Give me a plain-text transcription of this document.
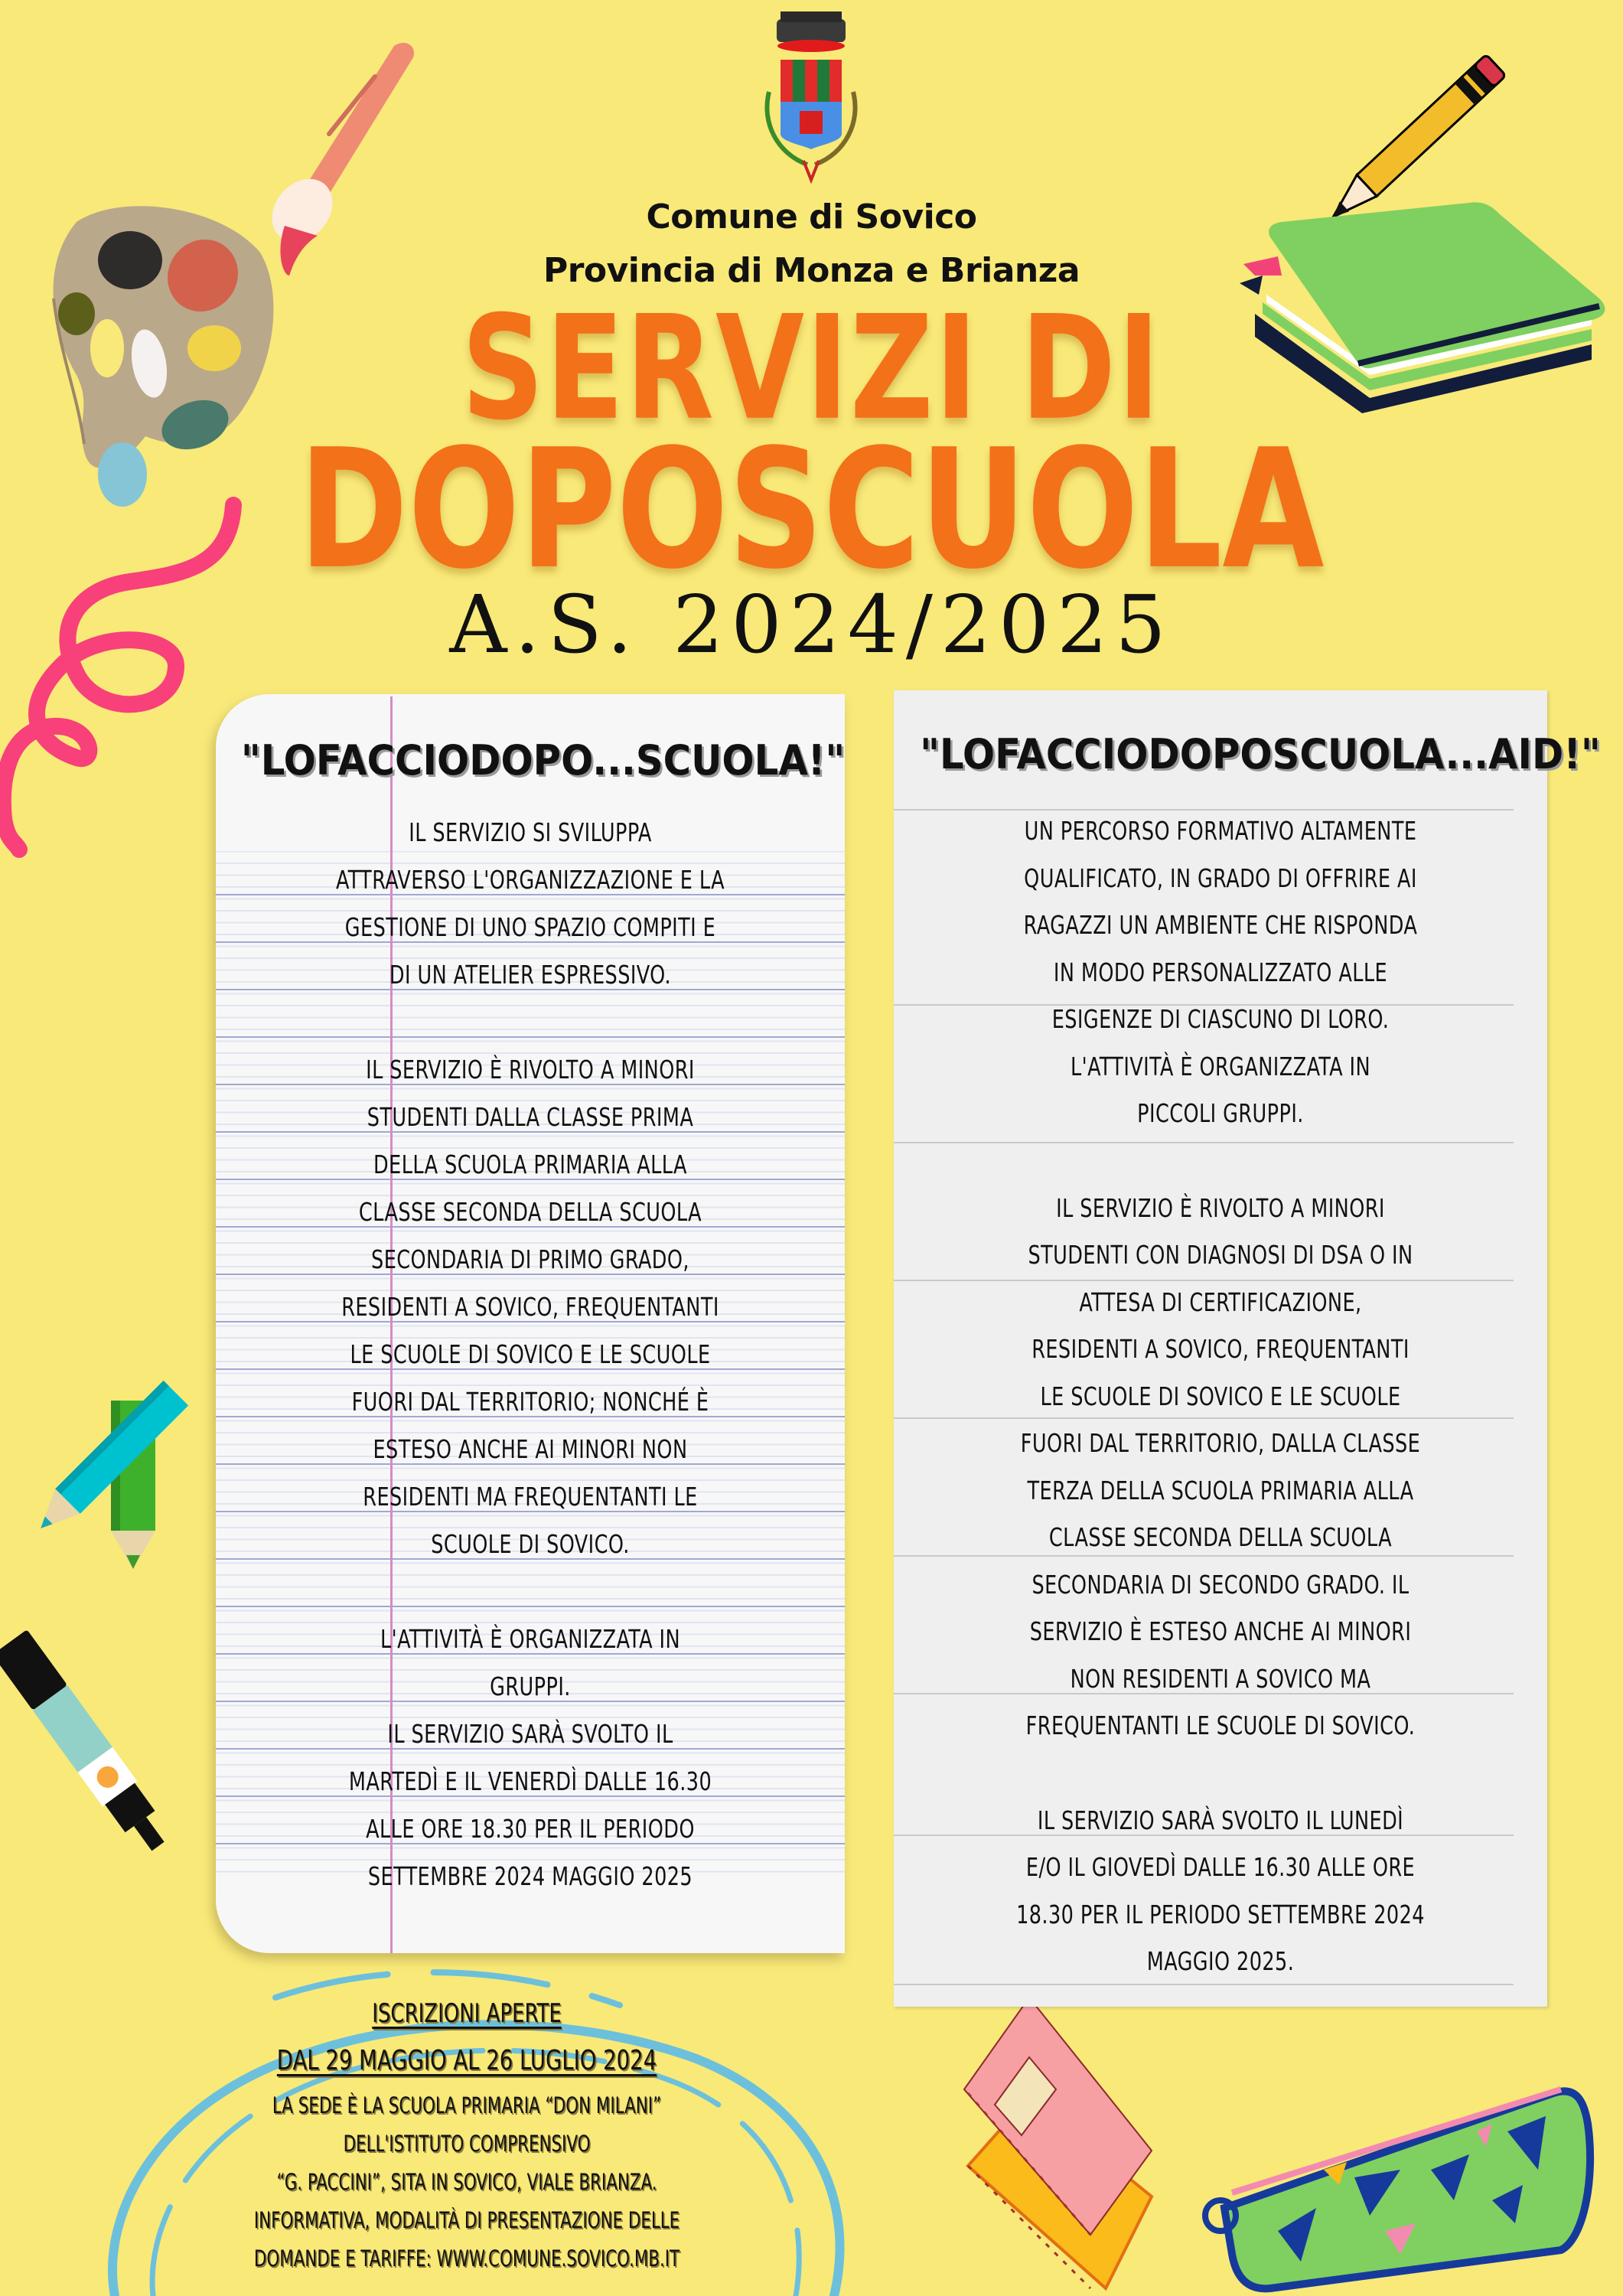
Comune di Sovico
Provincia di Monza e Brianza
SERVIZI DI
DOPOSCUOLA
A.S. 2024/2025
"LOFACCIODOPO...SCUOLA!"
IL SERVIZIO SI SVILUPPA
ATTRAVERSO L'ORGANIZZAZIONE E LA
GESTIONE DI UNO SPAZIO COMPITI E
DI UN ATELIER ESPRESSIVO.
IL SERVIZIO È RIVOLTO A MINORI
STUDENTI DALLA CLASSE PRIMA
DELLA SCUOLA PRIMARIA ALLA
CLASSE SECONDA DELLA SCUOLA
SECONDARIA DI PRIMO GRADO,
RESIDENTI A SOVICO, FREQUENTANTI
LE SCUOLE DI SOVICO E LE SCUOLE
FUORI DAL TERRITORIO; NONCHÉ È
ESTESO ANCHE AI MINORI NON
RESIDENTI MA FREQUENTANTI LE
SCUOLE DI SOVICO.
L'ATTIVITÀ È ORGANIZZATA IN
GRUPPI.
IL SERVIZIO SARÀ SVOLTO IL
MARTEDÌ E IL VENERDÌ DALLE 16.30
ALLE ORE 18.30 PER IL PERIODO
SETTEMBRE 2024 MAGGIO 2025
"LOFACCIODOPOSCUOLA...AID!"
UN PERCORSO FORMATIVO ALTAMENTE
QUALIFICATO, IN GRADO DI OFFRIRE AI
RAGAZZI UN AMBIENTE CHE RISPONDA
IN MODO PERSONALIZZATO ALLE
ESIGENZE DI CIASCUNO DI LORO.
L'ATTIVITÀ È ORGANIZZATA IN
PICCOLI GRUPPI.
IL SERVIZIO È RIVOLTO A MINORI
STUDENTI CON DIAGNOSI DI DSA O IN
ATTESA DI CERTIFICAZIONE,
RESIDENTI A SOVICO, FREQUENTANTI
LE SCUOLE DI SOVICO E LE SCUOLE
FUORI DAL TERRITORIO, DALLA CLASSE
TERZA DELLA SCUOLA PRIMARIA ALLA
CLASSE SECONDA DELLA SCUOLA
SECONDARIA DI SECONDO GRADO. IL
SERVIZIO È ESTESO ANCHE AI MINORI
NON RESIDENTI A SOVICO MA
FREQUENTANTI LE SCUOLE DI SOVICO.
IL SERVIZIO SARÀ SVOLTO IL LUNEDÌ
E/O IL GIOVEDÌ DALLE 16.30 ALLE ORE
18.30 PER IL PERIODO SETTEMBRE 2024
MAGGIO 2025.
ISCRIZIONI APERTE
DAL 29 MAGGIO AL 26 LUGLIO 2024
LA SEDE È LA SCUOLA PRIMARIA “DON MILANI”
DELL'ISTITUTO COMPRENSIVO
“G. PACCINI”, SITA IN SOVICO, VIALE BRIANZA.
INFORMATIVA, MODALITÀ DI PRESENTAZIONE DELLE
DOMANDE E TARIFFE: WWW.COMUNE.SOVICO.MB.IT
